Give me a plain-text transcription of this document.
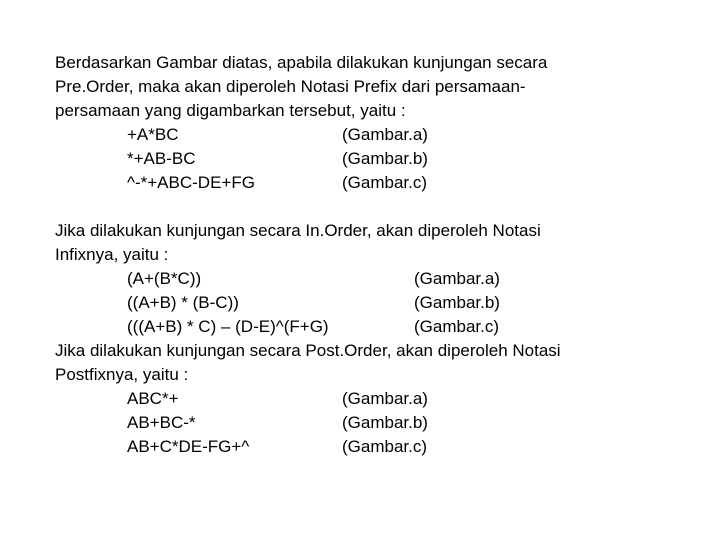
Berdasarkan Gambar diatas, apabila dilakukan kunjungan secara
Pre.Order, maka akan diperoleh Notasi Prefix dari persamaan-
persamaan yang digambarkan tersebut, yaitu :
+A*BC	(Gambar.a)
*+AB-BC	(Gambar.b)
^-*+ABC-DE+FG	(Gambar.c)
Jika dilakukan kunjungan secara In.Order, akan diperoleh Notasi
Infixnya, yaitu :
(A+(B*C))	(Gambar.a)
((A+B) * (B-C))	(Gambar.b)
(((A+B) * C) – (D-E)^(F+G)	(Gambar.c)
Jika dilakukan kunjungan secara Post.Order, akan diperoleh Notasi
Postfixnya, yaitu :
ABC*+	(Gambar.a)
AB+BC-*	(Gambar.b)
AB+C*DE-FG+^	(Gambar.c)
